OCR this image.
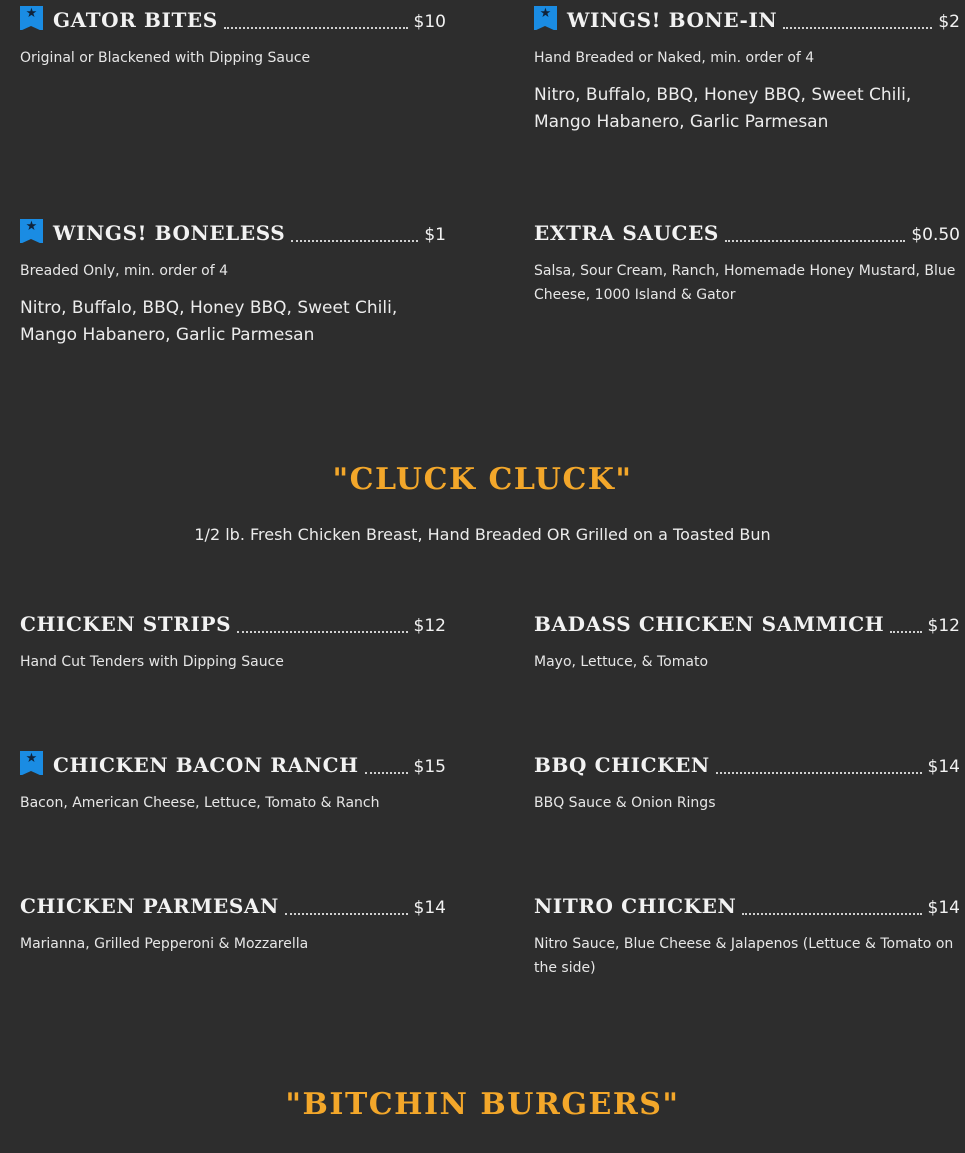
★ GATOR BITES	$10
Original or Blackened with Dipping Sauce
★ WINGS! BONE-IN	$2
Hand Breaded or Naked, min. order of 4
Nitro, Buffalo, BBQ, Honey BBQ, Sweet Chili, Mango Habanero, Garlic Parmesan
★ WINGS! BONELESS	$1
Breaded Only, min. order of 4
Nitro, Buffalo, BBQ, Honey BBQ, Sweet Chili, Mango Habanero, Garlic Parmesan
EXTRA SAUCES	$0.50
Salsa, Sour Cream, Ranch, Homemade Honey Mustard, Blue Cheese, 1000 Island & Gator
"CLUCK CLUCK"
1/2 lb. Fresh Chicken Breast, Hand Breaded OR Grilled on a Toasted Bun
CHICKEN STRIPS	$12
Hand Cut Tenders with Dipping Sauce
BADASS CHICKEN SAMMICH	$12
Mayo, Lettuce, & Tomato
★ CHICKEN BACON RANCH	$15
Bacon, American Cheese, Lettuce, Tomato & Ranch
BBQ CHICKEN	$14
BBQ Sauce & Onion Rings
CHICKEN PARMESAN	$14
Marianna, Grilled Pepperoni & Mozzarella
NITRO CHICKEN	$14
Nitro Sauce, Blue Cheese & Jalapenos (Lettuce & Tomato on the side)
"BITCHIN BURGERS"
